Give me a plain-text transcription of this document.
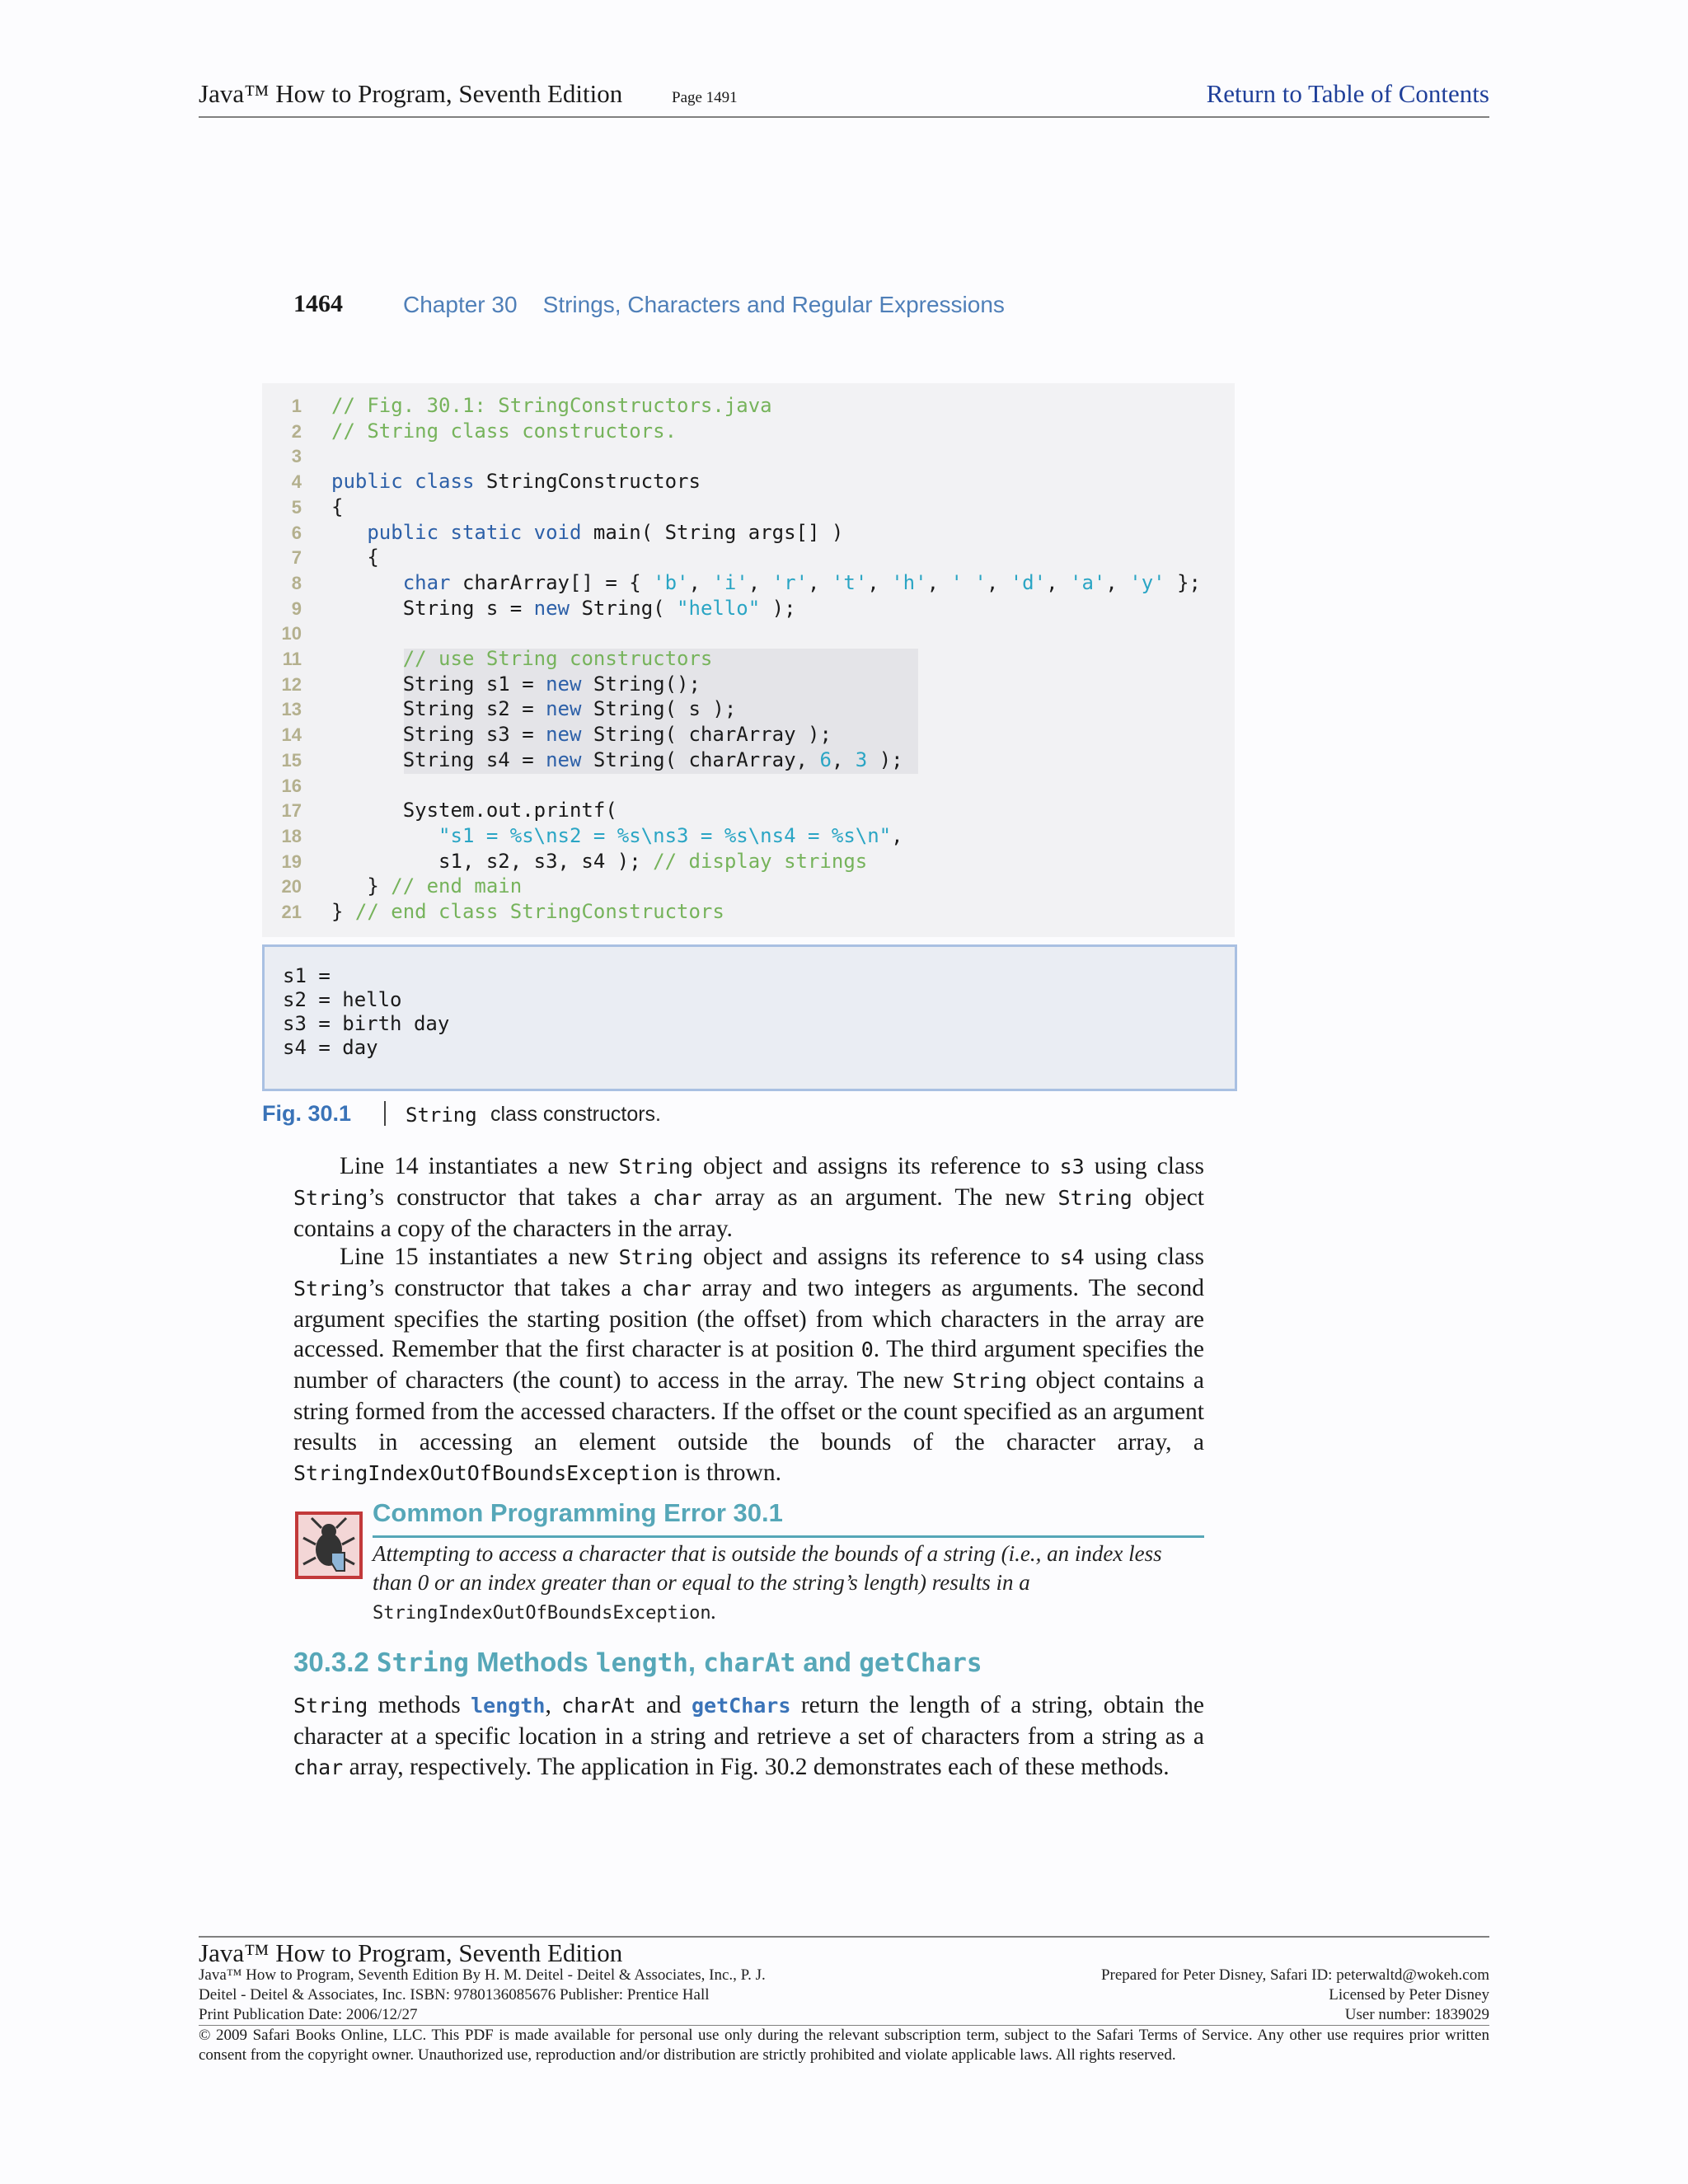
Java™ How to Program, Seventh Edition	Page 1491	Return to Table of Contents
1464	Chapter 30    Strings, Characters and Regular Expressions
1 // Fig. 30.1: StringConstructors.java
2 // String class constructors.
3
4 public class StringConstructors
5 {
6	public static void main( String args[] )
7 {
8	char charArray[] = { 'b', 'i', 'r', 't', 'h', ' ', 'd', 'a', 'y' };
9 String s = new String( "hello" );
10
11	// use String constructors
12 String s1 = new String();
13 String s2 = new String( s );
14 String s3 = new String( charArray );
15 String s4 = new String( charArray, 6, 3 );
16
17 System.out.printf(
18	"s1 = %s\ns2 = %s\ns3 = %s\ns4 = %s\n",
19 s1, s2, s3, s4 ); // display strings
20 } // end main
21 } // end class StringConstructors
s1 =
s2 = hello
s3 = birth day
s4 = day
Fig. 30.1	String class constructors.
Line 14 instantiates a new String object and assigns its reference to s3 using class String’s constructor that takes a char array as an argument. The new String object contains a copy of the characters in the array.
Line 15 instantiates a new String object and assigns its reference to s4 using class String’s constructor that takes a char array and two integers as arguments. The second argument specifies the starting position (the offset) from which characters in the array are accessed. Remember that the first character is at position 0. The third argument specifies the number of characters (the count) to access in the array. The new String object contains a string formed from the accessed characters. If the offset or the count specified as an argument results in accessing an element outside the bounds of the character array, a StringIndexOutOfBoundsException is thrown.
Common Programming Error 30.1
Attempting to access a character that is outside the bounds of a string (i.e., an index less than 0 or an index greater than or equal to the string’s length) results in a StringIndexOutOfBoundsException.
30.3.2 String Methods length, charAt and getChars
String methods length, charAt and getChars return the length of a string, obtain the character at a specific location in a string and retrieve a set of characters from a string as a char array, respectively. The application in Fig. 30.2 demonstrates each of these methods.
Java™ How to Program, Seventh Edition
Java™ How to Program, Seventh Edition By H. M. Deitel - Deitel & Associates, Inc., P. J.
Deitel - Deitel & Associates, Inc. ISBN: 9780136085676 Publisher: Prentice Hall
Print Publication Date: 2006/12/27
Prepared for Peter Disney, Safari ID: peterwaltd@wokeh.com
Licensed by Peter Disney
User number: 1839029
© 2009 Safari Books Online, LLC. This PDF is made available for personal use only during the relevant subscription term, subject to the Safari Terms of Service. Any other use requires prior written consent from the copyright owner. Unauthorized use, reproduction and/or distribution are strictly prohibited and violate applicable laws. All rights reserved.
